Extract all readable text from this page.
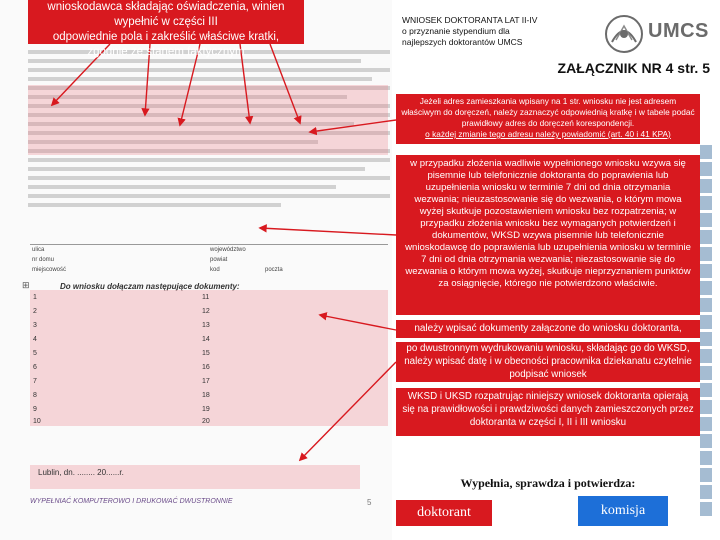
ulica	województwo
nr domu	powiat
miejscowość	kod	poczta
⊞	Do wniosku dołączam następujące dokumenty:
1
2
3
4
5
6
7
8
9
10
11
12
13
14
15
16
17
18
19
20
Lublin, dn. ........ 20......r.
WYPEŁNIAĆ KOMPUTEROWO I DRUKOWAĆ DWUSTRONNIE	5
wnioskodawca składając oświadczenia, winien wypełnić w części III
odpowiednie pola i zakreślić właściwe kratki,
zgodnie ze stanem faktycznym
WNIOSEK DOKTORANTA LAT II-IV
o przyznanie stypendium dla
najlepszych doktorantów UMCS	UMCS
ZAŁĄCZNIK NR 4 str. 5
Jeżeli adres zamieszkania wpisany na 1 str. wniosku nie jest adresem właściwym do doręczeń, należy zaznaczyć odpowiednią kratkę i w tabele podać prawidłowy adres do doręczeń korespondencji.
o każdej zmianie tego adresu należy powiadomić (art. 40 i 41 KPA)
w przypadku złożenia wadliwie wypełnionego wniosku wzywa się pisemnie lub telefonicznie doktoranta do poprawienia lub uzupełnienia wniosku w terminie 7 dni od dnia otrzymania wezwania; nieuzastosowanie się do wezwania, o którym mowa wyżej skutkuje pozostawieniem wniosku bez rozpatrzenia; w przypadku złożenia wniosku bez wymaganych potwierdzeń i dokumentów, WKSD wzywa pisemnie lub telefonicznie wnioskodawcę do poprawienia lub uzupełnienia wniosku w terminie 7 dni od dnia otrzymania wezwania; niezastosowanie się do wezwania o którym mowa wyżej, skutkuje nieprzyznaniem punktów za osiągnięcie, którego nie potwierdzono właściwie.
należy wpisać dokumenty załączone do wniosku doktoranta,
po dwustronnym wydrukowaniu wniosku, składając go do WKSD, należy wpisać datę i w obecności pracownika dziekanatu czytelnie podpisać wniosek
WKSD i UKSD rozpatrując niniejszy wniosek doktoranta opierają się na prawidłowości i prawdziwości danych zamieszczonych przez doktoranta w części I, II i III wniosku
Wypełnia, sprawdza i potwierdza:
doktorant	komisja
